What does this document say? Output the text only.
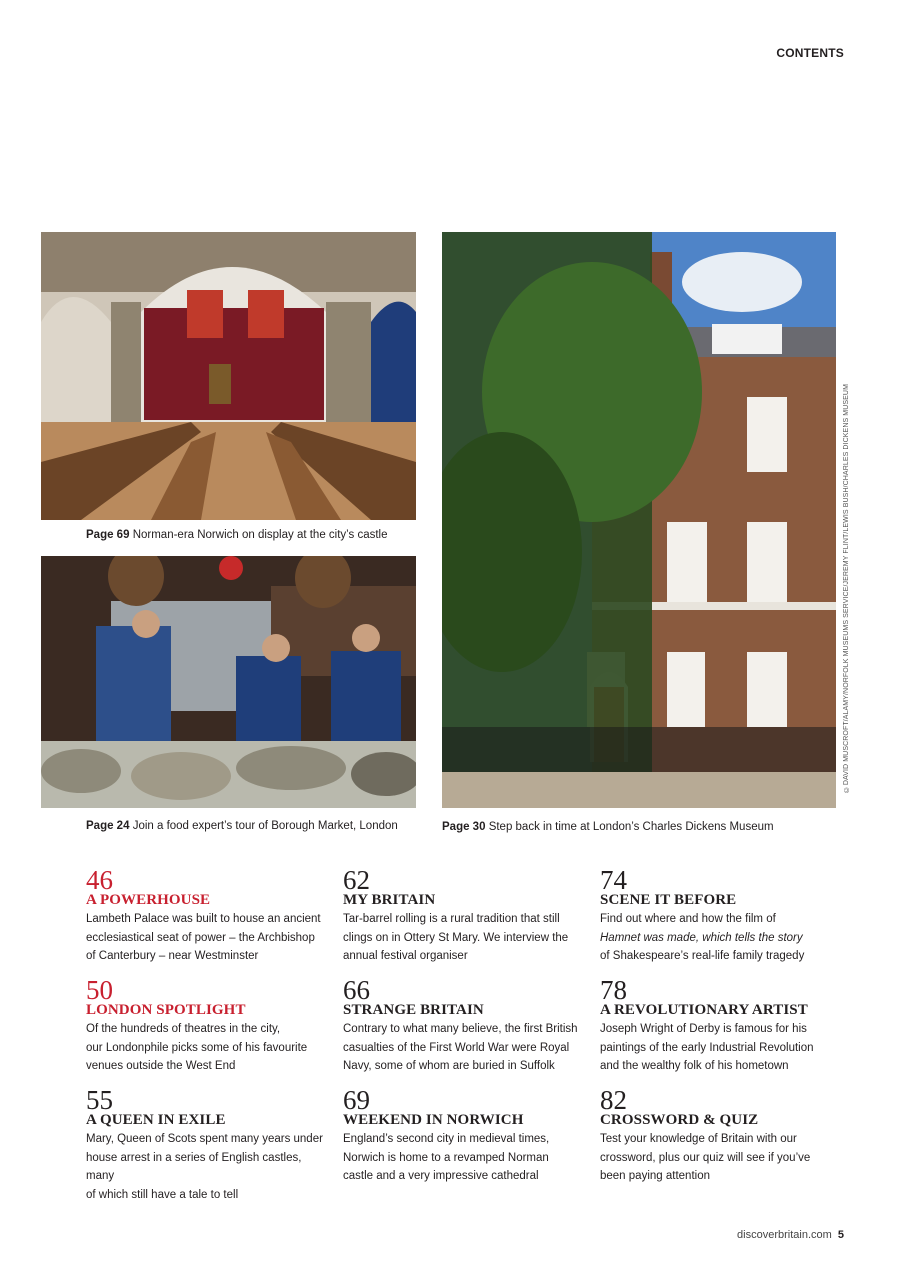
CONTENTS
Page 69 Norman-era Norwich on display at the city’s castle
Page 24 Join a food expert’s tour of Borough Market, London	Page 30 Step back in time at London’s Charles Dickens Museum
©DAVID MUSCROFT/ALAMY/NORFOLK MUSEUMS SERVICE/JEREMY FLINT/LEWIS BUSH/CHARLES DICKENS MUSEUM
46
A POWERHOUSE
Lambeth Palace was built to house an ancient
ecclesiastical seat of power – the Archbishop
of Canterbury – near Westminster
62
MY BRITAIN
Tar-barrel rolling is a rural tradition that still
clings on in Ottery St Mary. We interview the
annual festival organiser
74
SCENE IT BEFORE
Find out where and how the film of
Hamnet was made, which tells the story
of Shakespeare’s real-life family tragedy
50
LONDON SPOTLIGHT
Of the hundreds of theatres in the city,
our Londonphile picks some of his favourite
venues outside the West End
66
STRANGE BRITAIN
Contrary to what many believe, the first British
casualties of the First World War were Royal
Navy, some of whom are buried in Suffolk
78
A REVOLUTIONARY ARTIST
Joseph Wright of Derby is famous for his
paintings of the early Industrial Revolution
and the wealthy folk of his hometown
55
A QUEEN IN EXILE
Mary, Queen of Scots spent many years under
house arrest in a series of English castles, many
of which still have a tale to tell
69
WEEKEND IN NORWICH
England’s second city in medieval times,
Norwich is home to a revamped Norman
castle and a very impressive cathedral
82
CROSSWORD & QUIZ
Test your knowledge of Britain with our
crossword, plus our quiz will see if you’ve
been paying attention
discoverbritain.com 5
